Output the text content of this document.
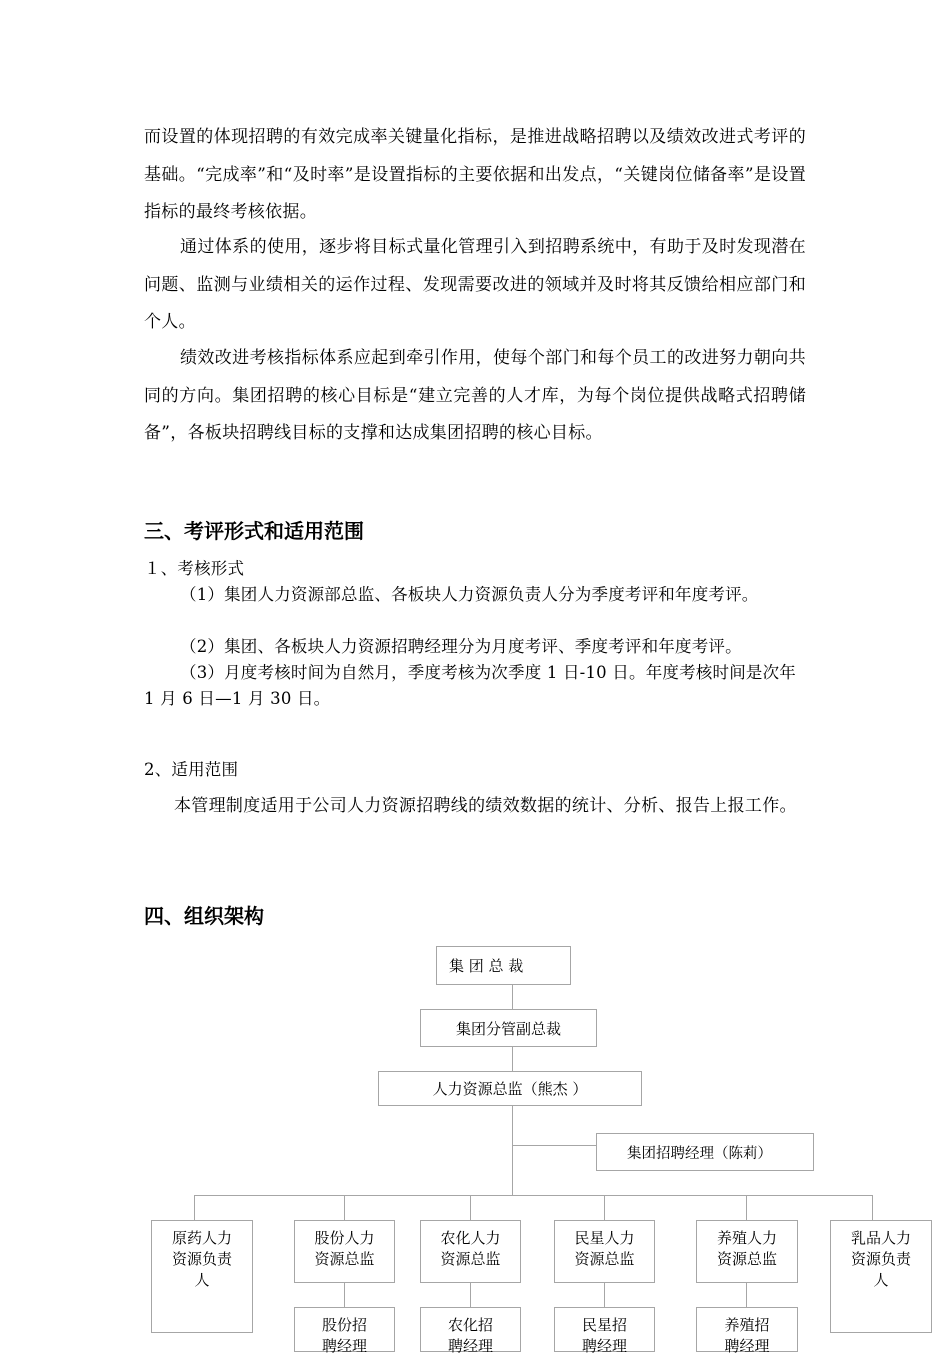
而设置的体现招聘的有效完成率关键量化指标，是推进战略招聘以及绩效改进式考评的基础。“完成率”和“及时率”是设置指标的主要依据和出发点，“关键岗位储备率”是设置指标的最终考核依据。

通过体系的使用，逐步将目标式量化管理引入到招聘系统中，有助于及时发现潜在问题、监测与业绩相关的运作过程、发现需要改进的领域并及时将其反馈给相应部门和个人。

绩效改进考核指标体系应起到牵引作用，使每个部门和每个员工的改进努力朝向共同的方向。集团招聘的核心目标是“建立完善的人才库，为每个岗位提供战略式招聘储备”，各板块招聘线目标的支撑和达成集团招聘的核心目标。

三、考评形式和适用范围

１、考核形式

（1）集团人力资源部总监、各板块人力资源负责人分为季度考评和年度考评。

（2）集团、各板块人力资源招聘经理分为月度考评、季度考评和年度考评。

（3）月度考核时间为自然月，季度考核为次季度 1 日-10 日。年度考核时间是次年 1 月 6 日—1 月 30 日。

2、适用范围

本管理制度适用于公司人力资源招聘线的绩效数据的统计、分析、报告上报工作。

四、组织架构
集 团 总 裁
集团分管副总裁
人力资源总监（熊杰 ）
集团招聘经理（陈莉）
原药人力资源负责人
股份人力资源总监
农化人力资源总监
民星人力资源总监
养殖人力资源总监
乳品人力资源负责人
股份招聘经理
农化招聘经理
民星招聘经理
养殖招聘经理
